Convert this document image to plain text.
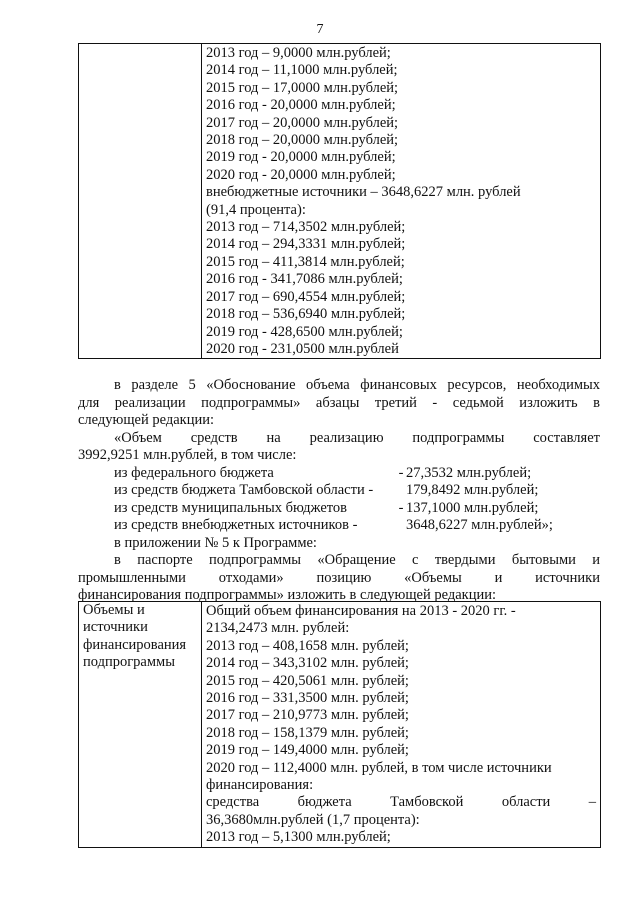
7

2013 год – 9,0000 млн.рублей;
2014 год – 11,1000 млн.рублей;
2015 год – 17,0000 млн.рублей;
2016 год - 20,0000 млн.рублей;
2017 год – 20,0000 млн.рублей;
2018 год – 20,0000 млн.рублей;
2019 год - 20,0000 млн.рублей;
2020 год - 20,0000 млн.рублей;
внебюджетные источники – 3648,6227 млн. рублей
(91,4 процента):
2013 год – 714,3502 млн.рублей;
2014 год – 294,3331 млн.рублей;
2015 год – 411,3814 млн.рублей;
2016 год - 341,7086 млн.рублей;
2017 год – 690,4554 млн.рублей;
2018 год – 536,6940 млн.рублей;
2019 год - 428,6500 млн.рублей;
2020 год - 231,0500 млн.рублей
в разделе 5 «Обоснование объема финансовых ресурсов, необходимых
для реализации подпрограммы» абзацы третий - седьмой изложить в
следующей редакции:
«Объем средств на реализацию подпрограммы составляет
3992,9251 млн.рублей, в том числе:
из федерального бюджета	- 27,3532 млн.рублей;
из средств бюджета Тамбовской области -	179,8492 млн.рублей;
из средств муниципальных бюджетов	- 137,1000 млн.рублей;
из средств внебюджетных источников -	3648,6227 млн.рублей»;
в приложении № 5 к Программе:
в паспорте подпрограммы «Обращение с твердыми бытовыми и
промышленными отходами» позицию «Объемы и источники
финансирования подпрограммы» изложить в следующей редакции:
Объемы и
источники
финансирования
подпрограммы

Общий объем финансирования на 2013 - 2020 гг. -
2134,2473 млн. рублей:
2013 год – 408,1658 млн. рублей;
2014 год – 343,3102 млн. рублей;
2015 год – 420,5061 млн. рублей;
2016 год – 331,3500 млн. рублей;
2017 год – 210,9773 млн. рублей;
2018 год – 158,1379 млн. рублей;
2019 год – 149,4000 млн. рублей;
2020 год – 112,4000 млн. рублей, в том числе источники
финансирования:
средства бюджета Тамбовской области –
36,3680млн.рублей (1,7 процента):
2013 год – 5,1300 млн.рублей;
